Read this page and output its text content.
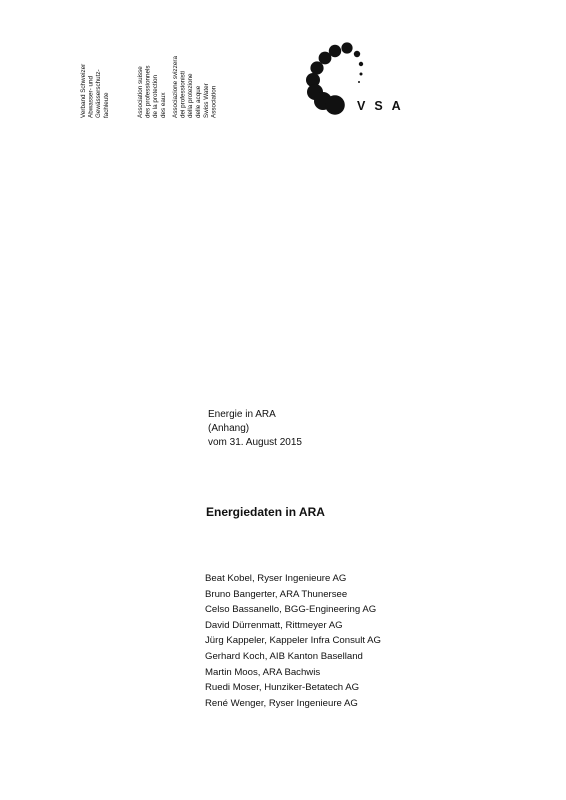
Verband Schweizer Abwasser- und Gewässerschutz- fachleute	Association suisse des professionnels de la protection des eaux Associazione svizzera dei professionisti della protezione delle acque Swiss Water Association	VSA
Energie in ARA
(Anhang)
vom 31. August 2015
Energiedaten in ARA
Beat Kobel, Ryser Ingenieure AG
Bruno Bangerter, ARA Thunersee
Celso Bassanello, BGG-Engineering AG
David Dürrenmatt, Rittmeyer AG
Jürg Kappeler, Kappeler Infra Consult AG
Gerhard Koch, AIB Kanton Baselland
Martin Moos, ARA Bachwis
Ruedi Moser, Hunziker-Betatech AG
René Wenger, Ryser Ingenieure AG
